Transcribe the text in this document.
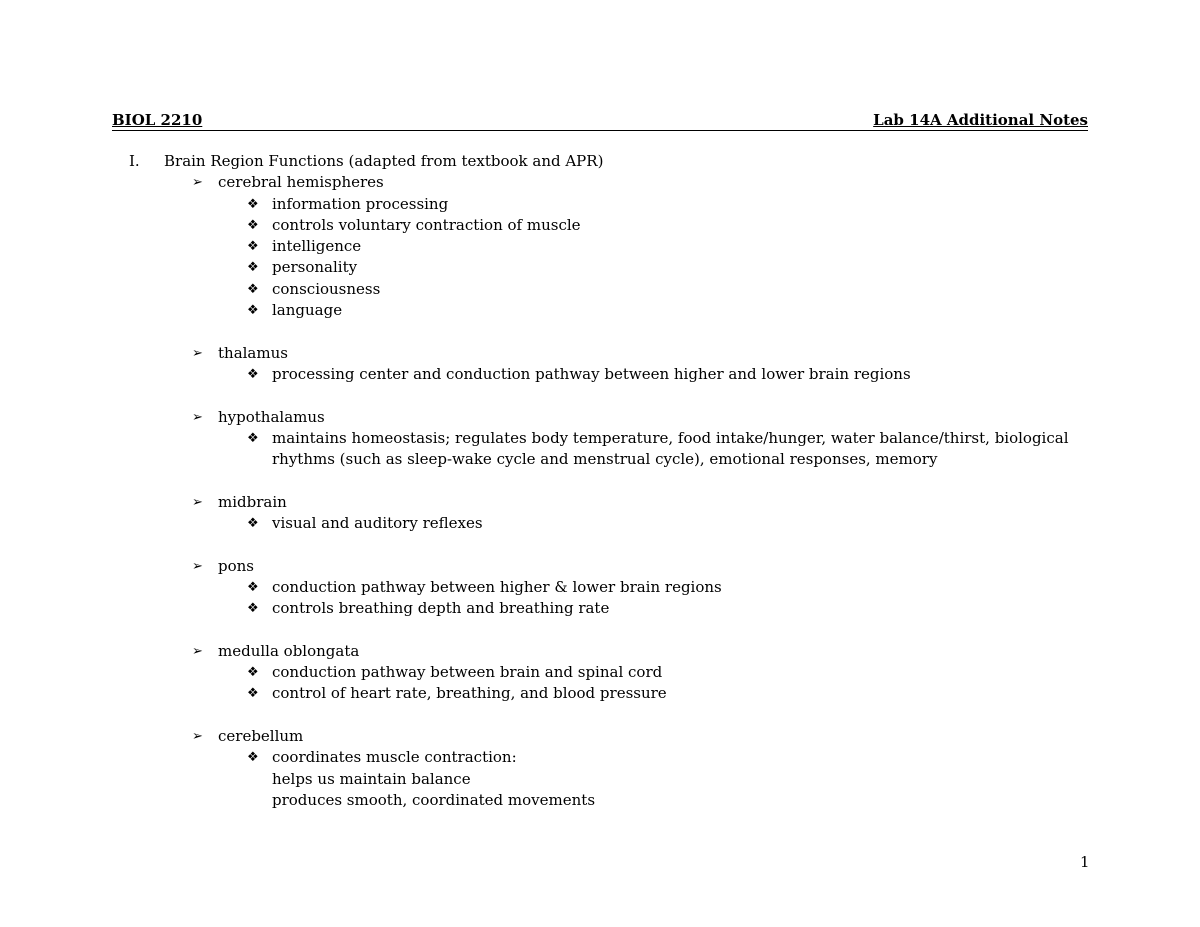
BIOL 2210	Lab 14A Additional Notes
I. Brain Region Functions (adapted from textbook and APR)
➢ cerebral hemispheres
❖ information processing
❖ controls voluntary contraction of muscle
❖ intelligence
❖ personality
❖ consciousness
❖ language
➢ thalamus
❖ processing center and conduction pathway between higher and lower brain regions
➢ hypothalamus
❖ maintains homeostasis; regulates body temperature, food intake/hunger, water balance/thirst, biological rhythms (such as sleep-wake cycle and menstrual cycle), emotional responses, memory
➢ midbrain
❖ visual and auditory reflexes
➢ pons
❖ conduction pathway between higher & lower brain regions
❖ controls breathing depth and breathing rate
➢ medulla oblongata
❖ conduction pathway between brain and spinal cord
❖ control of heart rate, breathing, and blood pressure
➢ cerebellum
❖ coordinates muscle contraction:
helps us maintain balance
produces smooth, coordinated movements
1
